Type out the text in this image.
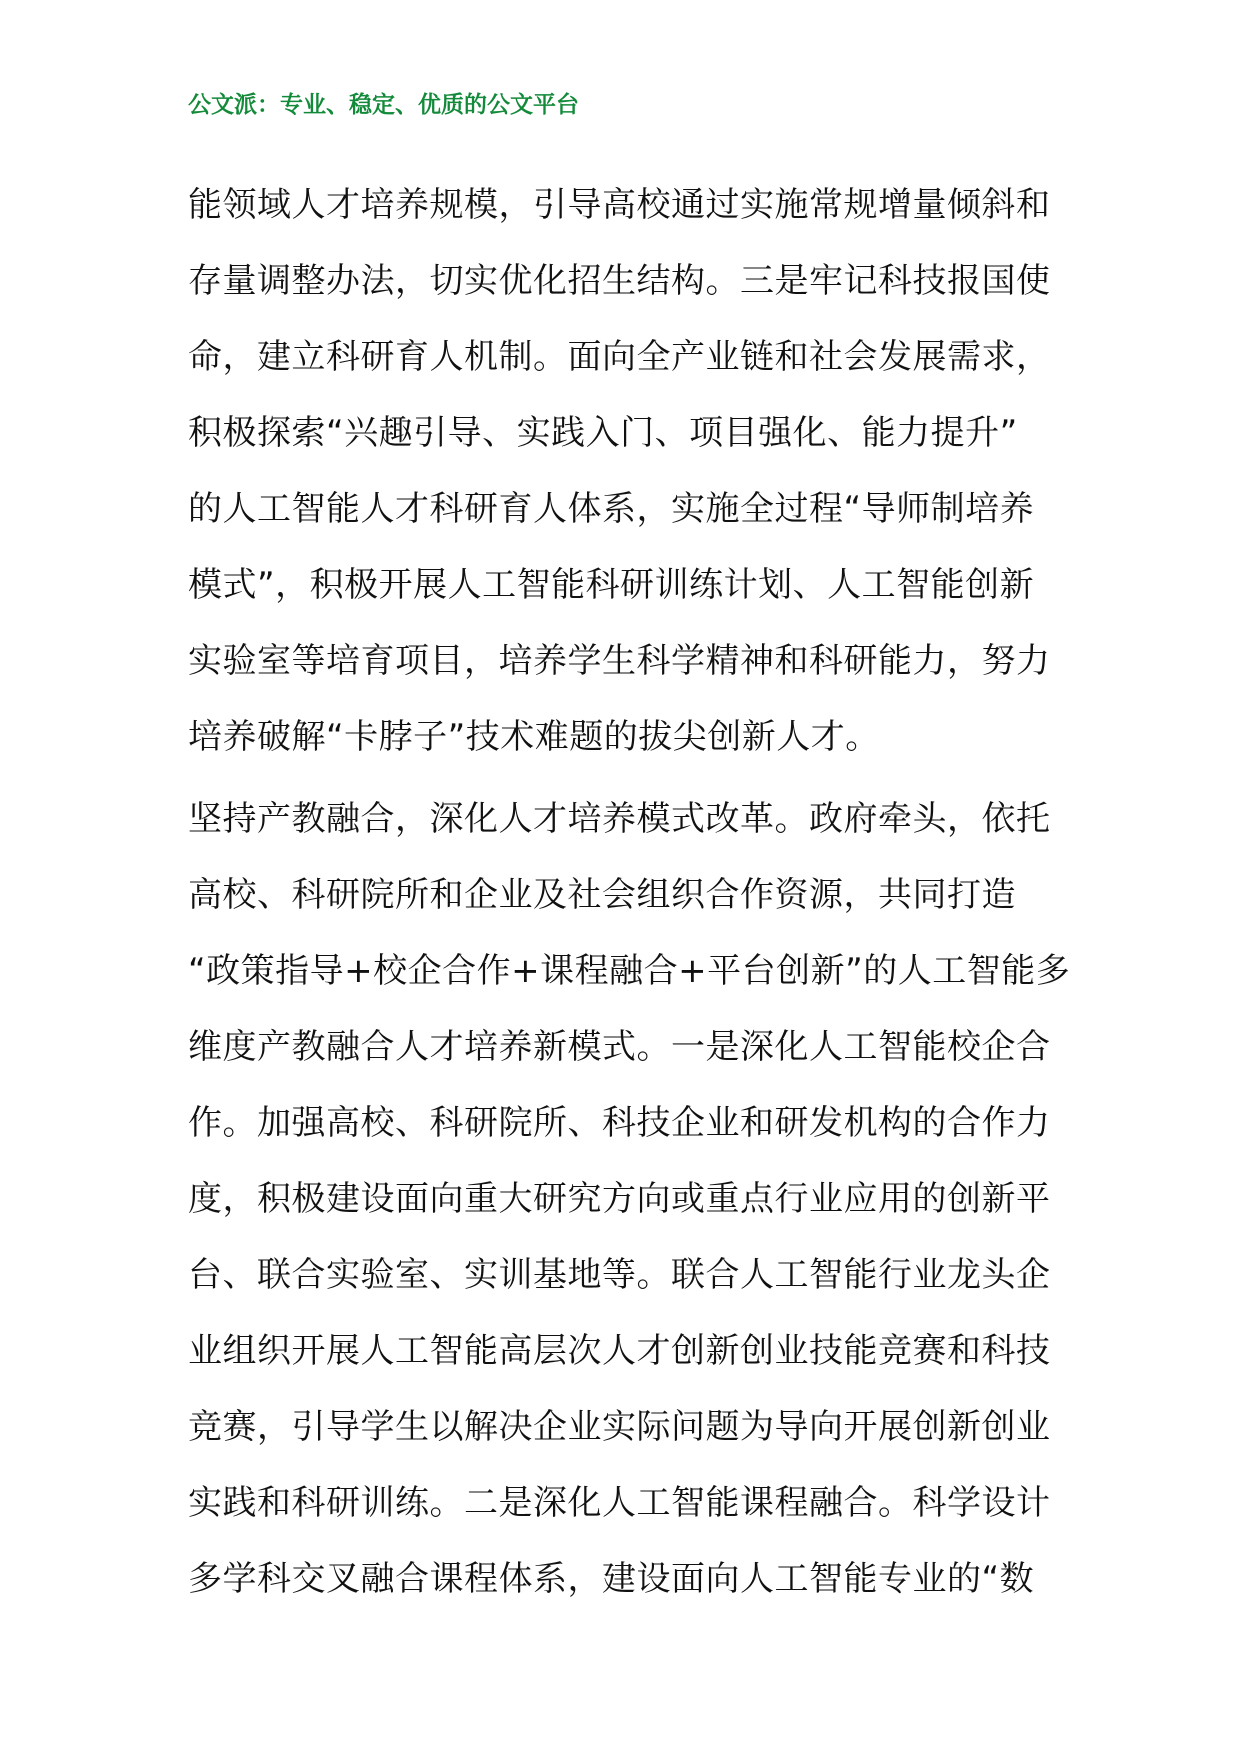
公文派：专业、稳定、优质的公文平台
能领域人才培养规模，引导高校通过实施常规增量倾斜和
存量调整办法，切实优化招生结构。三是牢记科技报国使
命，建立科研育人机制。面向全产业链和社会发展需求，
积极探索“兴趣引导、实践入门、项目强化、能力提升”
的人工智能人才科研育人体系，实施全过程“导师制培养
模式”，积极开展人工智能科研训练计划、人工智能创新
实验室等培育项目，培养学生科学精神和科研能力，努力
培养破解“卡脖子”技术难题的拔尖创新人才。
坚持产教融合，深化人才培养模式改革。政府牵头，依托
高校、科研院所和企业及社会组织合作资源，共同打造
“政策指导+校企合作+课程融合+平台创新”的人工智能多
维度产教融合人才培养新模式。一是深化人工智能校企合
作。加强高校、科研院所、科技企业和研发机构的合作力
度，积极建设面向重大研究方向或重点行业应用的创新平
台、联合实验室、实训基地等。联合人工智能行业龙头企
业组织开展人工智能高层次人才创新创业技能竞赛和科技
竞赛，引导学生以解决企业实际问题为导向开展创新创业
实践和科研训练。二是深化人工智能课程融合。科学设计
多学科交叉融合课程体系，建设面向人工智能专业的“数
